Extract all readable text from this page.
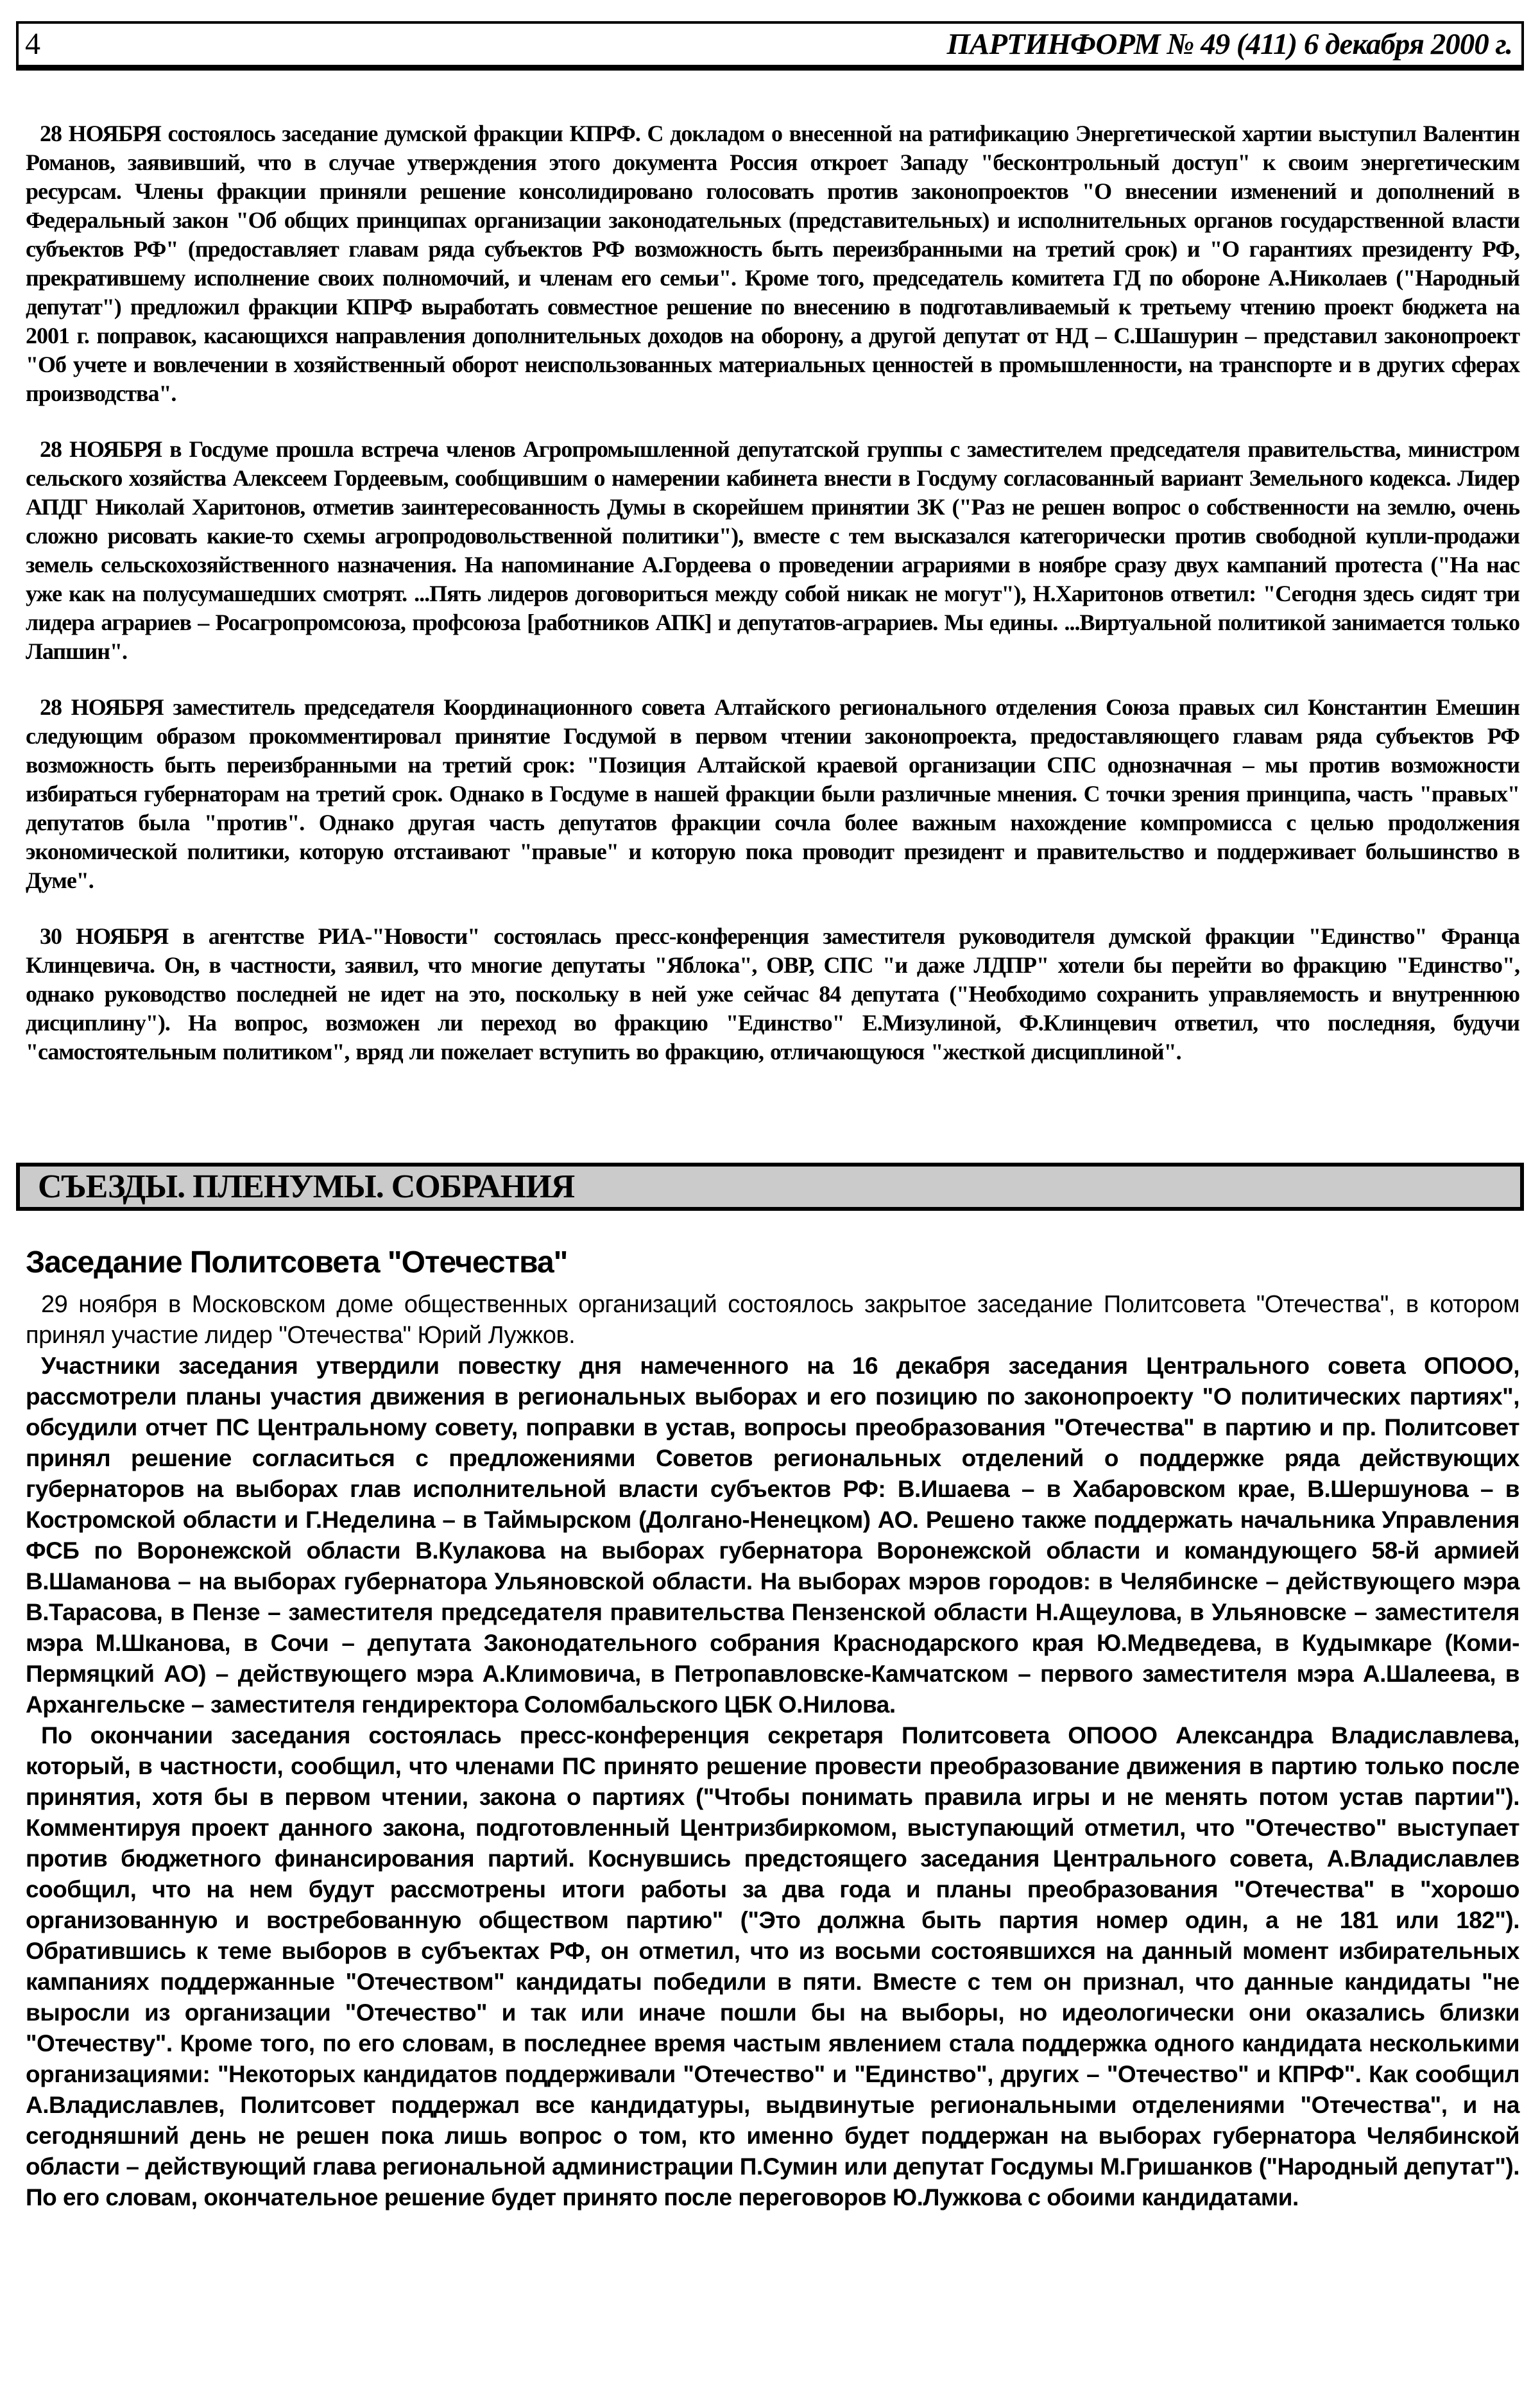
4	ПАРТИНФОРМ № 49 (411) 6 декабря 2000 г.

28 НОЯБРЯ состоялось заседание думской фракции КПРФ. С докладом о внесенной на ратификацию Энергетической хартии выступил Валентин Романов, заявивший, что в случае утверждения этого документа Россия откроет Западу "бесконтрольный доступ" к своим энергетическим ресурсам. Члены фракции приняли решение консолидировано голосовать против законопроектов "О внесении изменений и дополнений в Федеральный закон "Об общих принципах организации законодательных (представительных) и исполнительных органов государственной власти субъектов РФ" (предоставляет главам ряда субъектов РФ возможность быть переизбранными на третий срок) и "О гарантиях президенту РФ, прекратившему исполнение своих полномочий, и членам его семьи". Кроме того, председатель комитета ГД по обороне А.Николаев ("Народный депутат") предложил фракции КПРФ выработать совместное решение по внесению в подготавливаемый к третьему чтению проект бюджета на 2001 г. поправок, касающихся направления дополнительных доходов на оборону, а другой депутат от НД – С.Шашурин – представил законопроект "Об учете и вовлечении в хозяйственный оборот неиспользованных материальных ценностей в промышленности, на транспорте и в других сферах производства".

28 НОЯБРЯ в Госдуме прошла встреча членов Агропромышленной депутатской группы с заместителем председателя правительства, министром сельского хозяйства Алексеем Гордеевым, сообщившим о намерении кабинета внести в Госдуму согласованный вариант Земельного кодекса. Лидер АПДГ Николай Харитонов, отметив заинтересованность Думы в скорейшем принятии ЗК ("Раз не решен вопрос о собственности на землю, очень сложно рисовать какие-то схемы агропродовольственной политики"), вместе с тем высказался категорически против свободной купли-продажи земель сельскохозяйственного назначения. На напоминание А.Гордеева о проведении аграриями в ноябре сразу двух кампаний протеста ("На нас уже как на полусумашедших смотрят. ...Пять лидеров договориться между собой никак не могут"), Н.Харитонов ответил: "Сегодня здесь сидят три лидера аграриев – Росагропромсоюза, профсоюза [работников АПК] и депутатов-аграриев. Мы едины. ...Виртуальной политикой занимается только Лапшин".

28 НОЯБРЯ заместитель председателя Координационного совета Алтайского регионального отделения Союза правых сил Константин Емешин следующим образом прокомментировал принятие Госдумой в первом чтении законопроекта, предоставляющего главам ряда субъектов РФ возможность быть переизбранными на третий срок: "Позиция Алтайской краевой организации СПС однозначная – мы против возможности избираться губернаторам на третий срок. Однако в Госдуме в нашей фракции были различные мнения. С точки зрения принципа, часть "правых" депутатов была "против". Однако другая часть депутатов фракции сочла более важным нахождение компромисса с целью продолжения экономической политики, которую отстаивают "правые" и которую пока проводит президент и правительство и поддерживает большинство в Думе".

30 НОЯБРЯ в агентстве РИА-"Новости" состоялась пресс-конференция заместителя руководителя думской фракции "Единство" Франца Клинцевича. Он, в частности, заявил, что многие депутаты "Яблока", ОВР, СПС "и даже ЛДПР" хотели бы перейти во фракцию "Единство", однако руководство последней не идет на это, поскольку в ней уже сейчас 84 депутата ("Необходимо сохранить управляемость и внутреннюю дисциплину"). На вопрос, возможен ли переход во фракцию "Единство" Е.Мизулиной, Ф.Клинцевич ответил, что последняя, будучи "самостоятельным политиком", вряд ли пожелает вступить во фракцию, отличающуюся "жесткой дисциплиной".

СЪЕЗДЫ. ПЛЕНУМЫ. СОБРАНИЯ
Заседание Политсовета "Отечества"

29 ноября в Московском доме общественных организаций состоялось закрытое заседание Политсовета "Отечества", в котором принял участие лидер "Отечества" Юрий Лужков.

Участники заседания утвердили повестку дня намеченного на 16 декабря заседания Центрального совета ОПООО, рассмотрели планы участия движения в региональных выборах и его позицию по законопроекту "О политических партиях", обсудили отчет ПС Центральному совету, поправки в устав, вопросы преобразования "Отечества" в партию и пр. Политсовет принял решение согласиться с предложениями Советов региональных отделений о поддержке ряда действующих губернаторов на выборах глав исполнительной власти субъектов РФ: В.Ишаева – в Хабаровском крае, В.Шершунова – в Костромской области и Г.Неделина – в Таймырском (Долгано-Ненецком) АО. Решено также поддержать начальника Управления ФСБ по Воронежской области В.Кулакова на выборах губернатора Воронежской области и командующего 58-й армией В.Шаманова – на выборах губернатора Ульяновской области. На выборах мэров городов: в Челябинске – действующего мэра В.Тарасова, в Пензе – заместителя председателя правительства Пензенской области Н.Ащеулова, в Ульяновске – заместителя мэра М.Шканова, в Сочи – депутата Законодательного собрания Краснодарского края Ю.Медведева, в Кудымкаре (Коми-Пермяцкий АО) – действующего мэра А.Климовича, в Петропавловске-Камчатском – первого заместителя мэра А.Шалеева, в Архангельске – заместителя гендиректора Соломбальского ЦБК О.Нилова.

По окончании заседания состоялась пресс-конференция секретаря Политсовета ОПООО Александра Владиславлева, который, в частности, сообщил, что членами ПС принято решение провести преобразование движения в партию только после принятия, хотя бы в первом чтении, закона о партиях ("Чтобы понимать правила игры и не менять потом устав партии"). Комментируя проект данного закона, подготовленный Центризбиркомом, выступающий отметил, что "Отечество" выступает против бюджетного финансирования партий. Коснувшись предстоящего заседания Центрального совета, А.Владиславлев сообщил, что на нем будут рассмотрены итоги работы за два года и планы преобразования "Отечества" в "хорошо организованную и востребованную обществом партию" ("Это должна быть партия номер один, а не 181 или 182"). Обратившись к теме выборов в субъектах РФ, он отметил, что из восьми состоявшихся на данный момент избирательных кампаниях поддержанные "Отечеством" кандидаты победили в пяти. Вместе с тем он признал, что данные кандидаты "не выросли из организации "Отечество" и так или иначе пошли бы на выборы, но идеологически они оказались близки "Отечеству". Кроме того, по его словам, в последнее время частым явлением стала поддержка одного кандидата несколькими организациями: "Некоторых кандидатов поддерживали "Отечество" и "Единство", других – "Отечество" и КПРФ". Как сообщил А.Владиславлев, Политсовет поддержал все кандидатуры, выдвинутые региональными отделениями "Отечества", и на сегодняшний день не решен пока лишь вопрос о том, кто именно будет поддержан на выборах губернатора Челябинской области – действующий глава региональной администрации П.Сумин или депутат Госдумы М.Гришанков ("Народный депутат"). По его словам, окончательное решение будет принято после переговоров Ю.Лужкова с обоими кандидатами.
